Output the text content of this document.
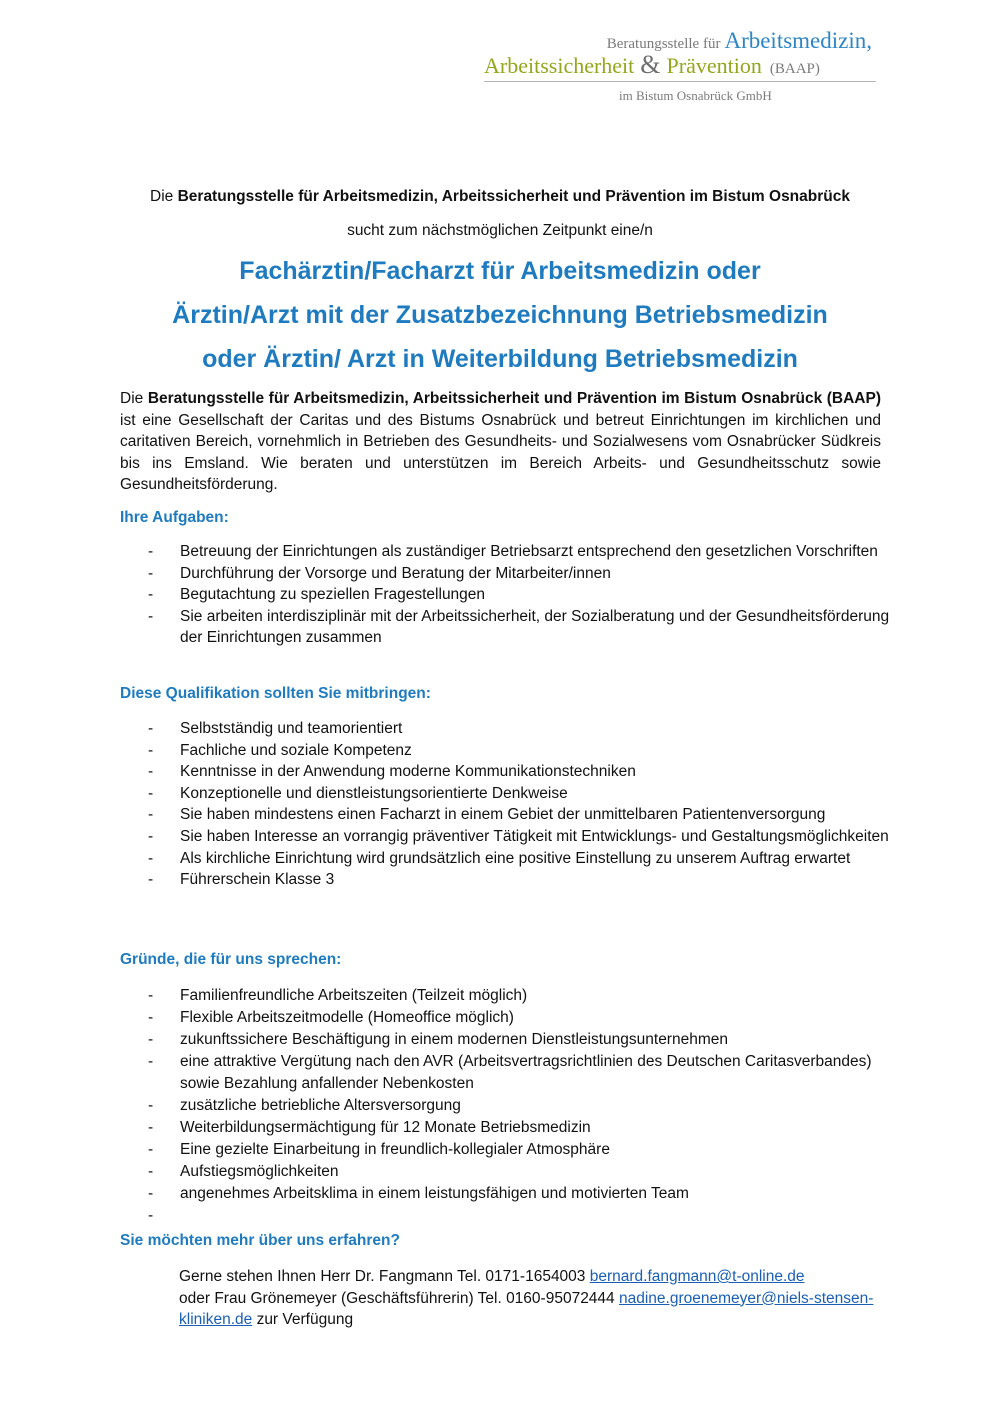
Beratungsstelle für Arbeitsmedizin,
Arbeitssicherheit & Prävention (BAAP)
im Bistum Osnabrück GmbH
Die Beratungsstelle für Arbeitsmedizin, Arbeitssicherheit und Prävention im Bistum Osnabrück
sucht zum nächstmöglichen Zeitpunkt eine/n
Fachärztin/Facharzt für Arbeitsmedizin oder
Ärztin/Arzt mit der Zusatzbezeichnung Betriebsmedizin
oder Ärztin/ Arzt in Weiterbildung Betriebsmedizin
Die Beratungsstelle für Arbeitsmedizin, Arbeitssicherheit und Prävention im Bistum Osnabrück (BAAP) ist eine Gesellschaft der Caritas und des Bistums Osnabrück und betreut Einrichtungen im kirchlichen und caritativen Bereich, vornehmlich in Betrieben des Gesundheits- und Sozialwesens vom Osnabrücker Südkreis bis ins Emsland. Wie beraten und unterstützen im Bereich Arbeits- und Gesundheitsschutz sowie Gesundheitsförderung.
Ihre Aufgaben:
- Betreuung der Einrichtungen als zuständiger Betriebsarzt entsprechend den gesetzlichen Vorschriften
- Durchführung der Vorsorge und Beratung der Mitarbeiter/innen
- Begutachtung zu speziellen Fragestellungen
- Sie arbeiten interdisziplinär mit der Arbeitssicherheit, der Sozialberatung und der Gesundheitsförderung der Einrichtungen zusammen
Diese Qualifikation sollten Sie mitbringen:
- Selbstständig und teamorientiert
- Fachliche und soziale Kompetenz
- Kenntnisse in der Anwendung moderne Kommunikationstechniken
- Konzeptionelle und dienstleistungsorientierte Denkweise
- Sie haben mindestens einen Facharzt in einem Gebiet der unmittelbaren Patientenversorgung
- Sie haben Interesse an vorrangig präventiver Tätigkeit mit Entwicklungs- und Gestaltungsmöglichkeiten
- Als kirchliche Einrichtung wird grundsätzlich eine positive Einstellung zu unserem Auftrag erwartet
- Führerschein Klasse 3
Gründe, die für uns sprechen:
- Familienfreundliche Arbeitszeiten (Teilzeit möglich)
- Flexible Arbeitszeitmodelle (Homeoffice möglich)
- zukunftssichere Beschäftigung in einem modernen Dienstleistungsunternehmen
- eine attraktive Vergütung nach den AVR (Arbeitsvertragsrichtlinien des Deutschen Caritasverbandes) sowie Bezahlung anfallender Nebenkosten
- zusätzliche betriebliche Altersversorgung
- Weiterbildungsermächtigung für 12 Monate Betriebsmedizin
- Eine gezielte Einarbeitung in freundlich-kollegialer Atmosphäre
- Aufstiegsmöglichkeiten
- angenehmes Arbeitsklima in einem leistungsfähigen und motivierten Team
-

Sie möchten mehr über uns erfahren?
Gerne stehen Ihnen Herr Dr. Fangmann Tel. 0171-1654003 bernard.fangmann@t-online.de
oder Frau Grönemeyer (Geschäftsführerin) Tel. 0160-95072444 nadine.groenemeyer@niels-stensen-kliniken.de zur Verfügung
